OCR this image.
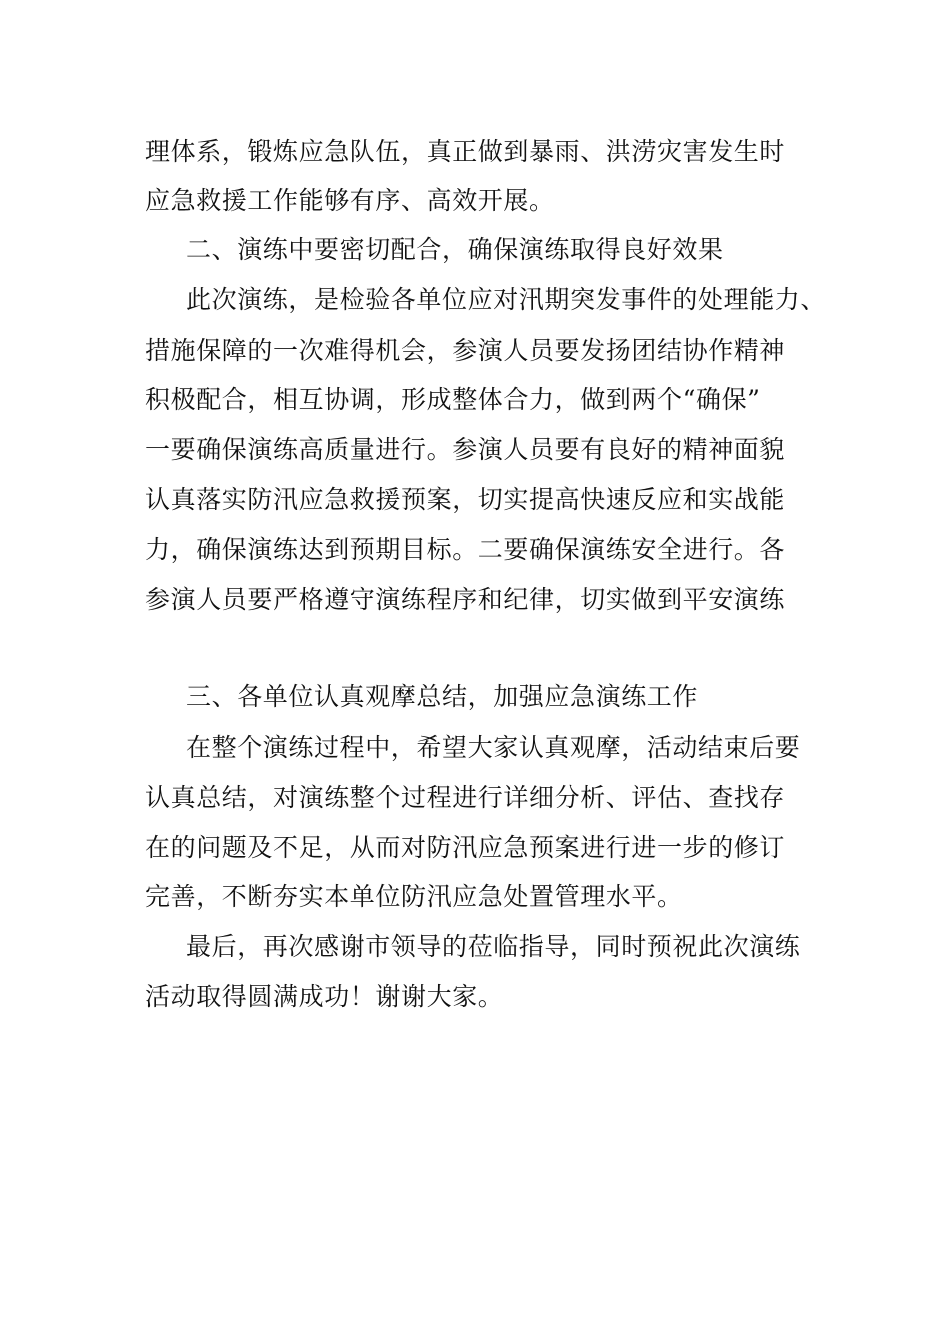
理体系，锻炼应急队伍，真正做到暴雨、洪涝灾害发生时
应急救援工作能够有序、高效开展。
二、演练中要密切配合，确保演练取得良好效果
此次演练，是检验各单位应对汛期突发事件的处理能力、
措施保障的一次难得机会，参演人员要发扬团结协作精神
积极配合，相互协调，形成整体合力，做到两个“确保”
一要确保演练高质量进行。参演人员要有良好的精神面貌
认真落实防汛应急救援预案，切实提高快速反应和实战能
力，确保演练达到预期目标。二要确保演练安全进行。各
参演人员要严格遵守演练程序和纪律，切实做到平安演练
三、各单位认真观摩总结，加强应急演练工作
在整个演练过程中，希望大家认真观摩，活动结束后要
认真总结，对演练整个过程进行详细分析、评估、查找存
在的问题及不足，从而对防汛应急预案进行进一步的修订
完善，不断夯实本单位防汛应急处置管理水平。
最后，再次感谢市领导的莅临指导，同时预祝此次演练
活动取得圆满成功！谢谢大家。
